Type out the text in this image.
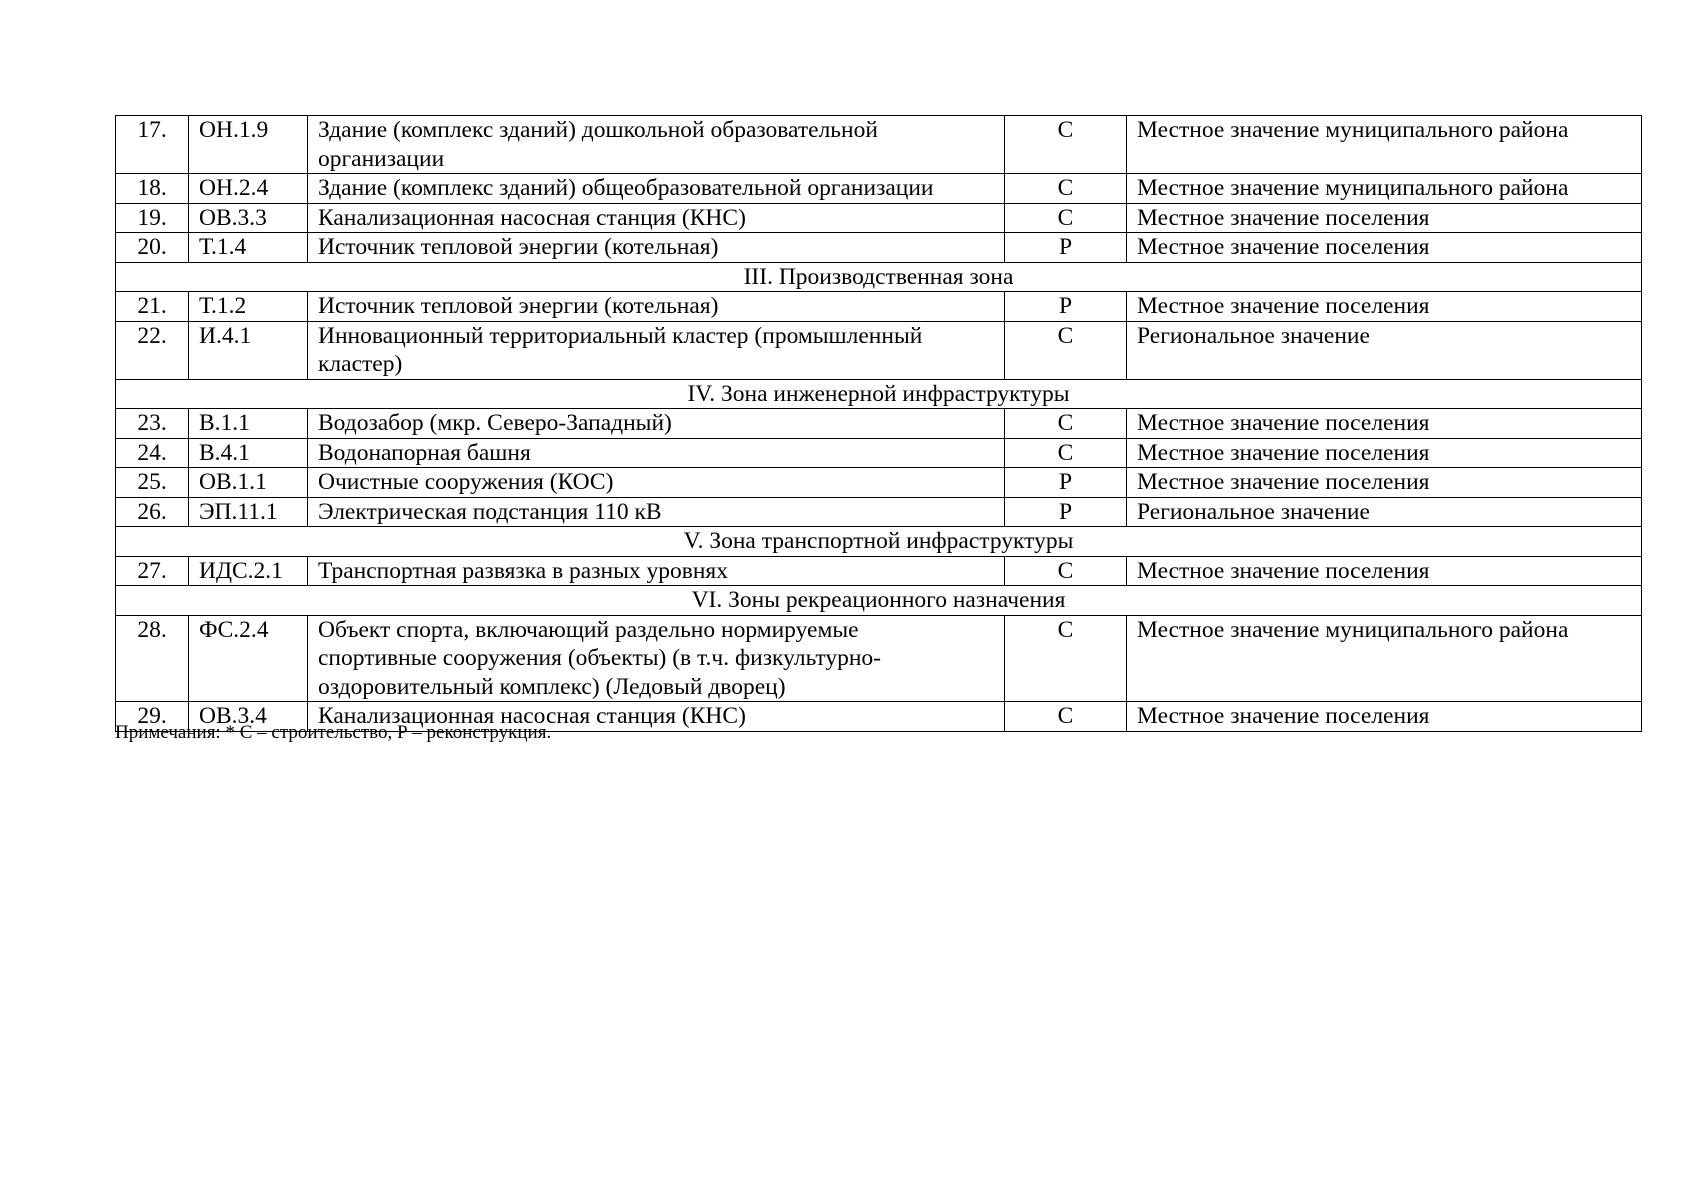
17.	ОН.1.9	Здание (комплекс зданий) дошкольной образовательной
организации	С	Местное значение муниципального района
18.	ОН.2.4	Здание (комплекс зданий) общеобразовательной организации	С	Местное значение муниципального района
19.	ОВ.3.3	Канализационная насосная станция (КНС)	С	Местное значение поселения
20.	Т.1.4	Источник тепловой энергии (котельная)	Р	Местное значение поселения
III. Производственная зона				
21.	Т.1.2	Источник тепловой энергии (котельная)	Р	Местное значение поселения
22.	И.4.1	Инновационный территориальный кластер (промышленный
кластер)	С	Региональное значение
IV. Зона инженерной инфраструктуры				
23.	В.1.1	Водозабор (мкр. Северо-Западный)	С	Местное значение поселения
24.	В.4.1	Водонапорная башня	С	Местное значение поселения
25.	ОВ.1.1	Очистные сооружения (КОС)	Р	Местное значение поселения
26.	ЭП.11.1	Электрическая подстанция 110 кВ	Р	Региональное значение
V. Зона транспортной инфраструктуры				
27.	ИДС.2.1	Транспортная развязка в разных уровнях	С	Местное значение поселения
VI. Зоны рекреационного назначения				
28.	ФС.2.4	Объект спорта, включающий раздельно нормируемые
спортивные сооружения (объекты) (в т.ч. физкультурно-
оздоровительный комплекс) (Ледовый дворец)	С	Местное значение муниципального района
29.	ОВ.3.4	Канализационная насосная станция (КНС)	С	Местное значение поселения
Примечания: * С – строительство, Р – реконструкция.
